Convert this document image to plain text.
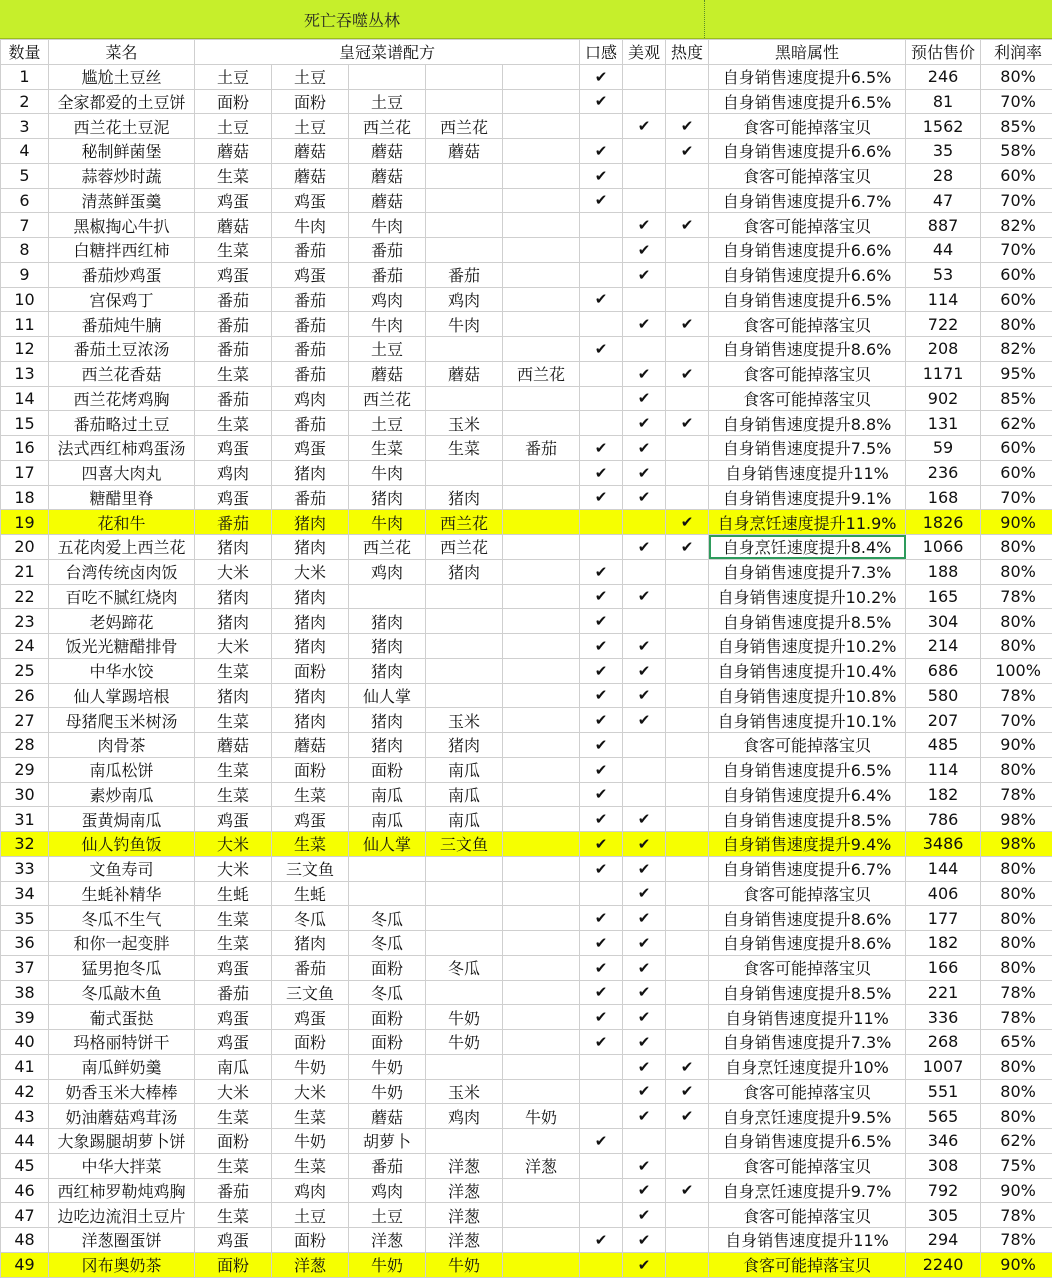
死亡吞噬丛林
数量	菜名	皇冠菜谱配方					口感	美观	热度	黑暗属性	预估售价	利润率
1	尴尬土豆丝	土豆	土豆				✔			自身销售速度提升6.5%	246	80%
2	全家都爱的土豆饼	面粉	面粉	土豆			✔			自身销售速度提升6.5%	81	70%
3	西兰花土豆泥	土豆	土豆	西兰花	西兰花			✔	✔	食客可能掉落宝贝	1562	85%
4	秘制鲜菌堡	蘑菇	蘑菇	蘑菇	蘑菇		✔		✔	自身销售速度提升6.6%	35	58%
5	蒜蓉炒时蔬	生菜	蘑菇	蘑菇			✔			食客可能掉落宝贝	28	60%
6	清蒸鲜蛋羹	鸡蛋	鸡蛋	蘑菇			✔			自身销售速度提升6.7%	47	70%
7	黑椒掏心牛扒	蘑菇	牛肉	牛肉				✔	✔	食客可能掉落宝贝	887	82%
8	白糖拌西红柿	生菜	番茄	番茄				✔		自身销售速度提升6.6%	44	70%
9	番茄炒鸡蛋	鸡蛋	鸡蛋	番茄	番茄			✔		自身销售速度提升6.6%	53	60%
10	宫保鸡丁	番茄	番茄	鸡肉	鸡肉		✔			自身销售速度提升6.5%	114	60%
11	番茄炖牛腩	番茄	番茄	牛肉	牛肉			✔	✔	食客可能掉落宝贝	722	80%
12	番茄土豆浓汤	番茄	番茄	土豆			✔			自身销售速度提升8.6%	208	82%
13	西兰花香菇	生菜	番茄	蘑菇	蘑菇	西兰花		✔	✔	食客可能掉落宝贝	1171	95%
14	西兰花烤鸡胸	番茄	鸡肉	西兰花				✔		食客可能掉落宝贝	902	85%
15	番茄略过土豆	生菜	番茄	土豆	玉米			✔	✔	自身销售速度提升8.8%	131	62%
16	法式西红柿鸡蛋汤	鸡蛋	鸡蛋	生菜	生菜	番茄	✔	✔		自身销售速度提升7.5%	59	60%
17	四喜大肉丸	鸡肉	猪肉	牛肉			✔	✔		自身销售速度提升11%	236	60%
18	糖醋里脊	鸡蛋	番茄	猪肉	猪肉		✔	✔		自身销售速度提升9.1%	168	70%
19	花和牛	番茄	猪肉	牛肉	西兰花				✔	自身烹饪速度提升11.9%	1826	90%
20	五花肉爱上西兰花	猪肉	猪肉	西兰花	西兰花			✔	✔	自身烹饪速度提升8.4%	1066	80%
21	台湾传统卤肉饭	大米	大米	鸡肉	猪肉		✔			自身销售速度提升7.3%	188	80%
22	百吃不腻红烧肉	猪肉	猪肉				✔	✔		自身销售速度提升10.2%	165	78%
23	老妈蹄花	猪肉	猪肉	猪肉			✔			自身销售速度提升8.5%	304	80%
24	饭光光糖醋排骨	大米	猪肉	猪肉			✔	✔		自身销售速度提升10.2%	214	80%
25	中华水饺	生菜	面粉	猪肉			✔	✔		自身销售速度提升10.4%	686	100%
26	仙人掌踢培根	猪肉	猪肉	仙人掌			✔	✔		自身销售速度提升10.8%	580	78%
27	母猪爬玉米树汤	生菜	猪肉	猪肉	玉米		✔	✔		自身销售速度提升10.1%	207	70%
28	肉骨茶	蘑菇	蘑菇	猪肉	猪肉		✔			食客可能掉落宝贝	485	90%
29	南瓜松饼	生菜	面粉	面粉	南瓜		✔			自身销售速度提升6.5%	114	80%
30	素炒南瓜	生菜	生菜	南瓜	南瓜		✔			自身销售速度提升6.4%	182	78%
31	蛋黄焗南瓜	鸡蛋	鸡蛋	南瓜	南瓜		✔	✔		自身销售速度提升8.5%	786	98%
32	仙人钓鱼饭	大米	生菜	仙人掌	三文鱼		✔	✔		自身销售速度提升9.4%	3486	98%
33	文鱼寿司	大米	三文鱼				✔	✔		自身销售速度提升6.7%	144	80%
34	生蚝补精华	生蚝	生蚝					✔		食客可能掉落宝贝	406	80%
35	冬瓜不生气	生菜	冬瓜	冬瓜			✔	✔		自身销售速度提升8.6%	177	80%
36	和你一起变胖	生菜	猪肉	冬瓜			✔	✔		自身销售速度提升8.6%	182	80%
37	猛男抱冬瓜	鸡蛋	番茄	面粉	冬瓜		✔	✔		食客可能掉落宝贝	166	80%
38	冬瓜敲木鱼	番茄	三文鱼	冬瓜			✔	✔		自身销售速度提升8.5%	221	78%
39	葡式蛋挞	鸡蛋	鸡蛋	面粉	牛奶		✔	✔		自身销售速度提升11%	336	78%
40	玛格丽特饼干	鸡蛋	面粉	面粉	牛奶		✔	✔		自身销售速度提升7.3%	268	65%
41	南瓜鲜奶羹	南瓜	牛奶	牛奶				✔	✔	自身烹饪速度提升10%	1007	80%
42	奶香玉米大棒棒	大米	大米	牛奶	玉米			✔	✔	食客可能掉落宝贝	551	80%
43	奶油蘑菇鸡茸汤	生菜	生菜	蘑菇	鸡肉	牛奶		✔	✔	自身烹饪速度提升9.5%	565	80%
44	大象踢腿胡萝卜饼	面粉	牛奶	胡萝卜			✔			自身销售速度提升6.5%	346	62%
45	中华大拌菜	生菜	生菜	番茄	洋葱	洋葱		✔		食客可能掉落宝贝	308	75%
46	西红柿罗勒炖鸡胸	番茄	鸡肉	鸡肉	洋葱			✔	✔	自身烹饪速度提升9.7%	792	90%
47	边吃边流泪土豆片	生菜	土豆	土豆	洋葱			✔		食客可能掉落宝贝	305	78%
48	洋葱圈蛋饼	鸡蛋	面粉	洋葱	洋葱		✔	✔		自身销售速度提升11%	294	78%
49	冈布奥奶茶	面粉	洋葱	牛奶	牛奶			✔		食客可能掉落宝贝	2240	90%
